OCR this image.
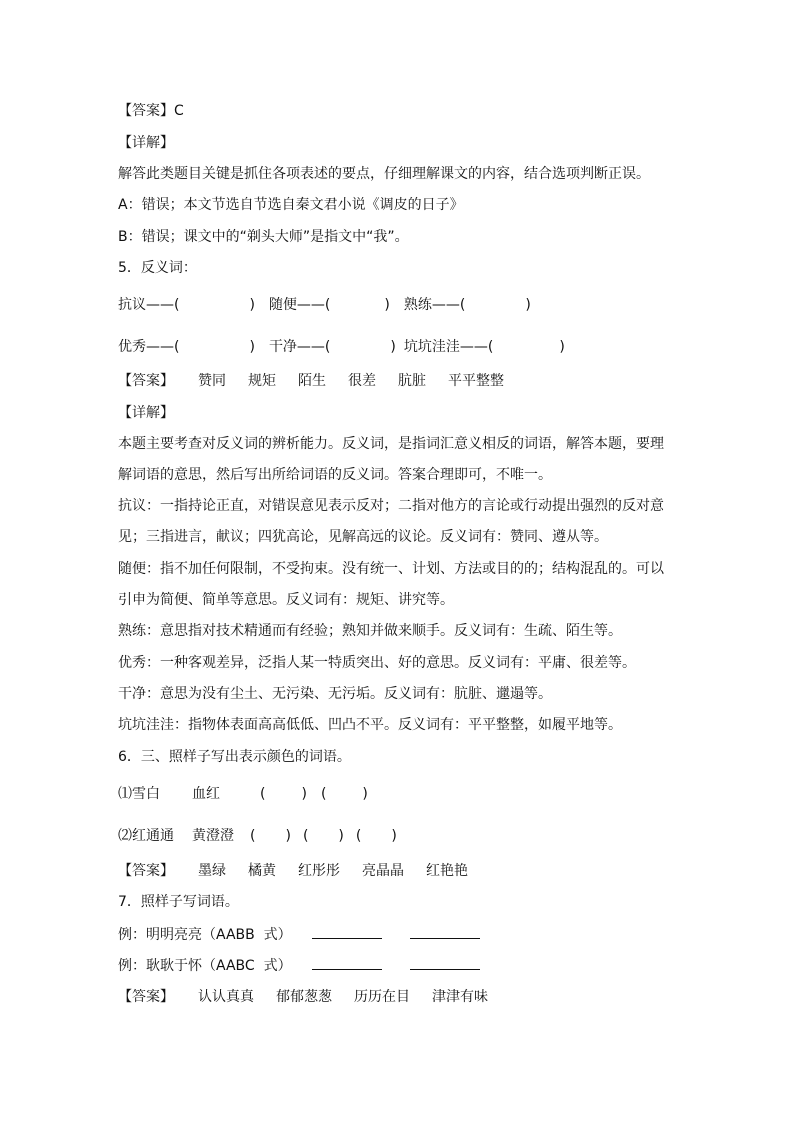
【答案】C
【详解】
解答此类题目关键是抓住各项表述的要点，仔细理解课文的内容，结合选项判断正误。
A：错误；本文节选自节选自秦文君小说《调皮的日子》
B：错误；课文中的“剃头大师”是指文中“我”。
5．反义词：
抗议——(	) 随便——(	) 熟练——(	)
优秀——(	) 干净——(	) 坑坑洼洼——(	)
【答案】 赞同 规矩 陌生 很差 肮脏 平平整整
【详解】
本题主要考查对反义词的辨析能力。反义词，是指词汇意义相反的词语，解答本题，要理
解词语的意思，然后写出所给词语的反义词。答案合理即可，不唯一。
抗议：一指持论正直，对错误意见表示反对；二指对他方的言论或行动提出强烈的反对意
见；三指进言，献议；四犹高论，见解高远的议论。反义词有：赞同、遵从等。
随便：指不加任何限制，不受拘束。没有统一、计划、方法或目的的；结构混乱的。可以
引申为简便、简单等意思。反义词有：规矩、讲究等。
熟练：意思指对技术精通而有经验；熟知并做来顺手。反义词有：生疏、陌生等。
优秀：一种客观差异，泛指人某一特质突出、好的意思。反义词有：平庸、很差等。
干净：意思为没有尘土、无污染、无污垢。反义词有：肮脏、邋遢等。
坑坑洼洼：指物体表面高高低低、凹凸不平。反义词有：平平整整，如履平地等。
6．三、照样子写出表示颜色的词语。
⑴雪白 血红	(	) (	)
⑵红通通 黄澄澄 ( ) ( ) ( )
【答案】 墨绿 橘黄 红彤彤 亮晶晶 红艳艳
7．照样子写词语。
例：明明亮亮（AABB  式）
例：耿耿于怀（AABC  式）
【答案】 认认真真 郁郁葱葱 历历在目 津津有味
